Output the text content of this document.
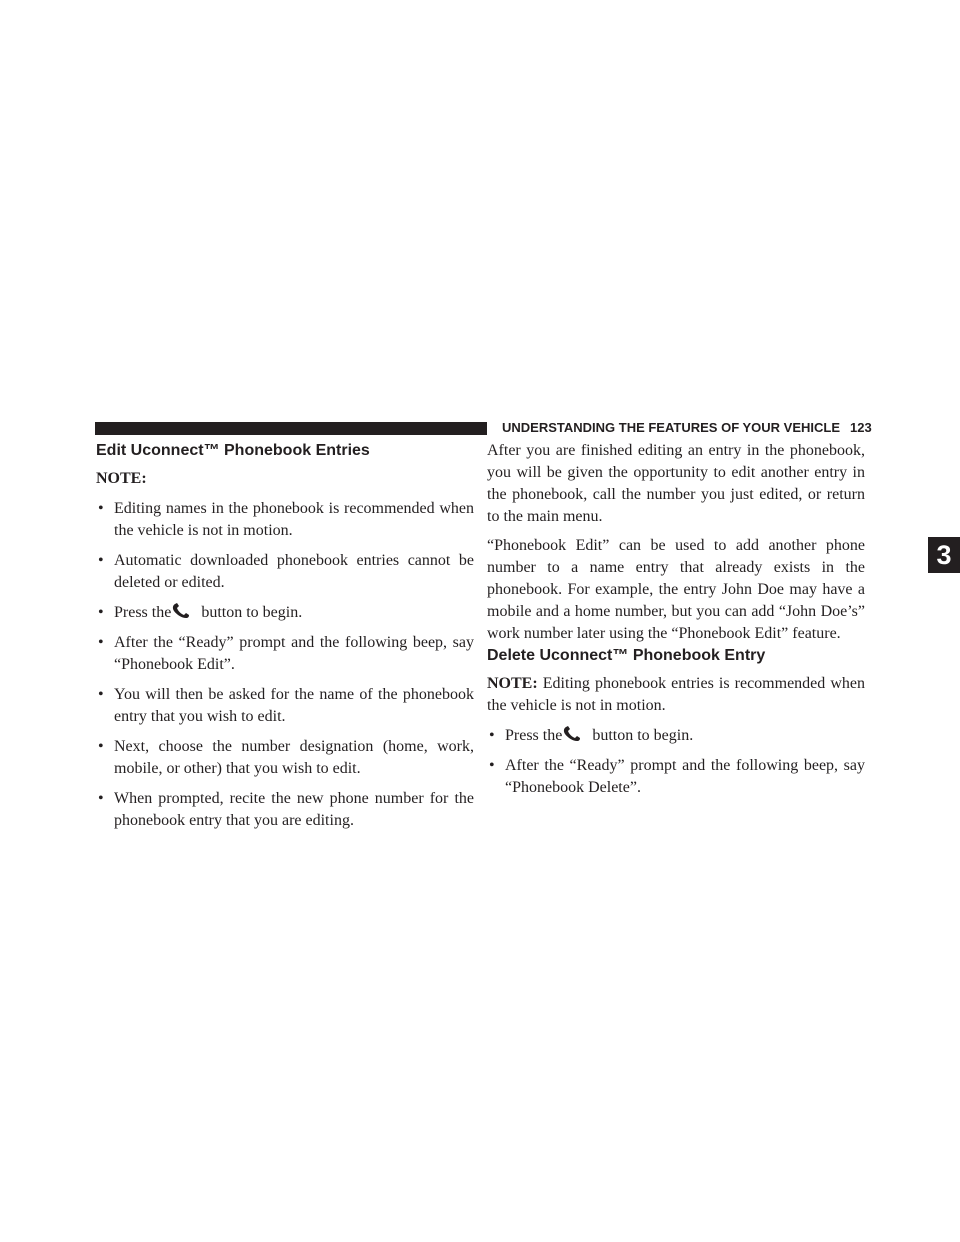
UNDERSTANDING THE FEATURES OF YOUR VEHICLE 123
3
Edit Uconnect™ Phonebook Entries

NOTE:

• Editing names in the phonebook is recommended when the vehicle is not in motion.
• Automatic downloaded phonebook entries cannot be deleted or edited.
• Press the button to begin.
• After the “Ready” prompt and the following beep, say “Phonebook Edit”.
• You will then be asked for the name of the phonebook entry that you wish to edit.
• Next, choose the number designation (home, work, mobile, or other) that you wish to edit.
• When prompted, recite the new phone number for the phonebook entry that you are editing.

After you are finished editing an entry in the phonebook, you will be given the opportunity to edit another entry in the phonebook, call the number you just edited, or return to the main menu.

“Phonebook Edit” can be used to add another phone number to a name entry that already exists in the phonebook. For example, the entry John Doe may have a mobile and a home number, but you can add “John Doe’s” work number later using the “Phonebook Edit” feature.

Delete Uconnect™ Phonebook Entry

NOTE: Editing phonebook entries is recommended when the vehicle is not in motion.

• Press the button to begin.
• After the “Ready” prompt and the following beep, say “Phonebook Delete”.
